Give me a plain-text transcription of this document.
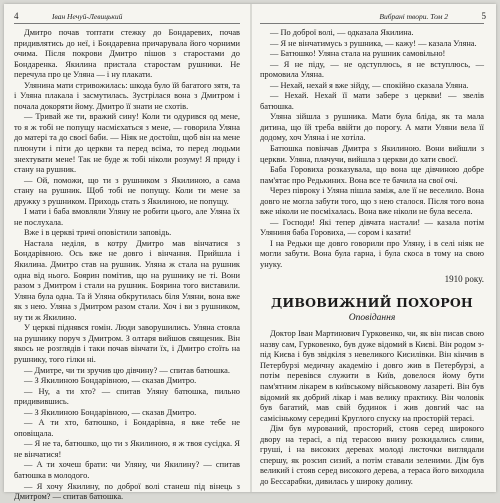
4	Іван Нечуй-Левицький

Дмитро почав топтати стежку до Бондаревих, почав придивлятись до неї, і Бондаревна причарувала його чорними очима. Після покрови Дмитро пішов з старостами до Бондаренка. Якилина пристала старостам рушники. Не перечула про це Уляна — і ну плакати.

Улянина мати стривожилась: шкода було їй багатого зятя, та і Уляна плакала і засмутилась. Зустрілася вона з Дмитром і почала докоряти йому. Дмитро її знати не схотів.

— Тривай же ти, вражий сину! Коли ти одурився од мене, то я ж тобі не попущу насмієхаться з мене, — говорила Уляна до матері та до своєї баби. — Ніяк не достоїш, щоб він на мене плюнути і піти до церкви та перед всіма, то перед людьми знехтувати мене! Так не буде ж тобі ніколи розуму! Я приду і стану на рушник.

— Ой, поможи, що ти з рушником з Якилиною, а сама стану на рушник. Щоб тобі не попущу. Коли ти мене за дружку з рушником. Приходь стать з Якилиною, не попущу.

І мати і баба вмовляли Уляну не робити цього, але Уляна їх не послухала.

Вже і в церкві тричі оповістили заповідь.

Настала неділя, в котру Дмитро мав вінчатися з Бондарівною. Ось вже не довго і вінчання. Прийшла і Якилина. Дмитро став на рушник. Уляна ж стала на рушник одна від нього. Боярин помітив, що на рушнику не ті. Вони разом з Дмитром і стали на рушник. Боярина того виставили. Уляна була одна. Та й Уляна обкрутилась біля Уляни, вона вже як з нею. Уляна з Дмитром разом стали. Хоч і ви з рушником, ну ти ж Якилино.

У церкві піднявся гомін. Люди заворушились. Уляна стояла на рушнику поруч з Дмитром. З олтаря вийшов священик. Він якось не розглядів і таки почав вінчати їх, і Дмитро стоїть на рушнику, того гілки ні.

— Дмитре, чи ти зручив цю дівчину? — спитав батюшка.

— З Якилиною Бондарівною, — сказав Дмитро.

— Ну, а ти хто? — спитав Уляну батюшка, пильно придивившись.

— З Якилиною Бондарівною, — сказав Дмитро.

— А ти хто, батюшко, і Бондарівна, я вже тебе не оповіщала.

— Я не та, батюшко, що ти з Якилиною, я ж твоя сусідка. Я не вінчатися!

— А ти хочеш брати: чи Уляну, чи Якилину? — спитав батюшка в молодого.

— Я хочу Якилину, по доброї волі станеш під вінець з Дмитром? — спитав батюшка.

Вибрані твори. Том 2	5

— По доброї волі, — одказала Якилина.

— Я не вінчатимусь з рушника, — кажу! — казала Уляна.

— Батюшко! Уляна стала на рушник самовільно!

— Я не піду, — не одступлюсь, я не вступлюсь, — промовила Уляна.

— Нехай, нехай я вже зійду, — спокійно сказала Уляна.

— Нехай. Нехай її мати забере з церкви! — звелів батюшка.

Уляна зійшла з рушника. Мати була бліда, як та мала дитина, що їй треба ввійти до порогу. А мати Уляни вела її додому, хоч Уляна і не хотіла.

Батюшка повінчав Дмитра з Якилиною. Вони вийшли з церкви. Уляна, плачучи, вийшла з церкви до хати своєї.

Баба Горовиха розказувала, що вона ще дівчиною добре пам'ятає про Редькиних. Вона все те бачила на свої очі.

Через півроку і Уляна пішла заміж, але її не веселило. Вона довго не могла забути того, що з нею сталося. Після того вона вже ніколи не посміхалась. Вона вже ніколи не була весела.

— Господи! Які тепер дівчата настали! — казала потім Уляниня баба Горовиха, — сором і казати!

І на Редьки ще довго говорили про Уляну, і в селі ніяк не могли забути. Вона була гарна, і була скоса в тому на свою унуку.

1910 року.

ДИВОВИЖНИЙ ПОХОРОН

Оповідання

Доктор Іван Мартинович Гурковенко, чи, як він писав свою назву сам, Гурковенко, був дуже відомий в Києві. Він родом з-під Києва і був звідкіля з невеликого Кисилівки. Він кінчив в Петербурзі медичну академію і довго жив в Петербурзі, а потім перевівся служити в Київ, довелося йому бути пам'ятним лікарем в київському військовому лазареті. Він був відомий як добрий лікар і мав велику практику. Він чоловік був багатий, мав свій будинок і жив довгий час на самісінькому середині Круглого спуску на просторій терасі.

Дім був мурований, просторий, стояв серед широкого двору на терасі, а під терасою внизу розкидались сливи, груші, і на високих деревах молоді листочки виглядали спершу, як розсип сизий, а потім ставали зеленими. Дім був великий і стояв серед високого дерева, а тераса його виходила до Бессарабки, дивилась у широку долину.
